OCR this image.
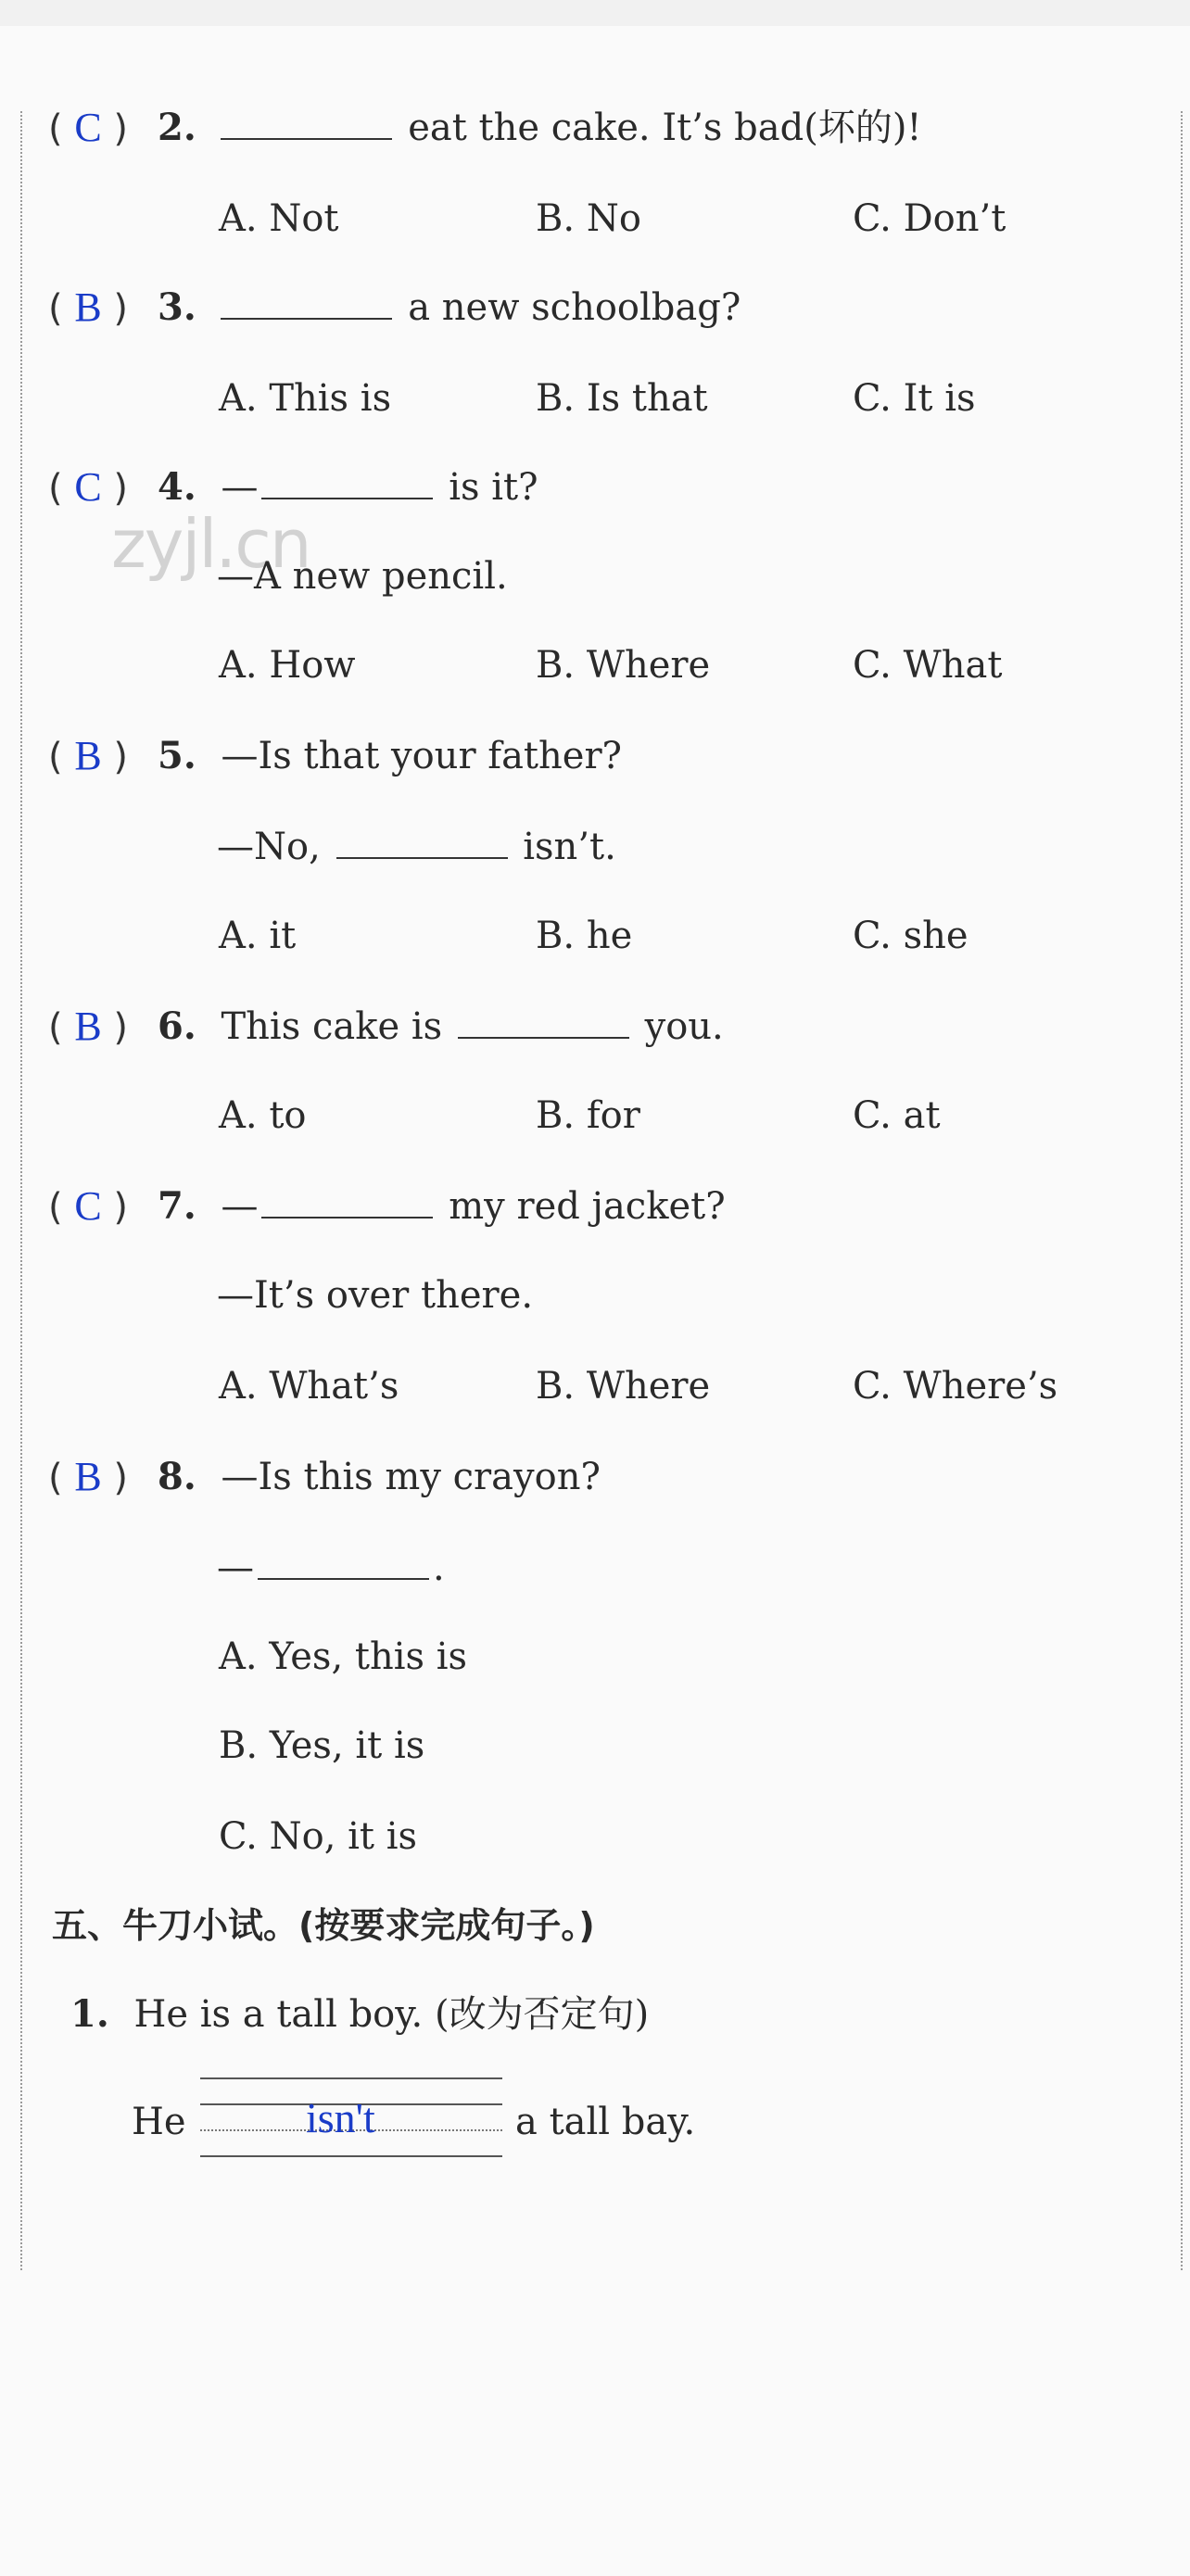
zyjl.cn
( C ) 2.	eat the cake. It’s bad(坏的)!
A. Not	B. No	C. Don’t
( B ) 3.	a new schoolbag?
A. This is	B. Is that	C. It is
( C ) 4. —	is it?
—A new pencil.
A. How	B. Where	C. What
( B ) 5. —Is that your father?
—No,	isn’t.
A. it	B. he	C. she
( B ) 6. This cake is	you.
A. to	B. for	C. at
( C ) 7. —	my red jacket?
—It’s over there.
A. What’s	B. Where	C. Where’s
( B ) 8. —Is this my crayon?
—	.
A. Yes, this is
B. Yes, it is
C. No, it is
五、牛刀小试。(按要求完成句子。)
1. He is a tall boy. (改为否定句)
He	isn't	a tall bay.
